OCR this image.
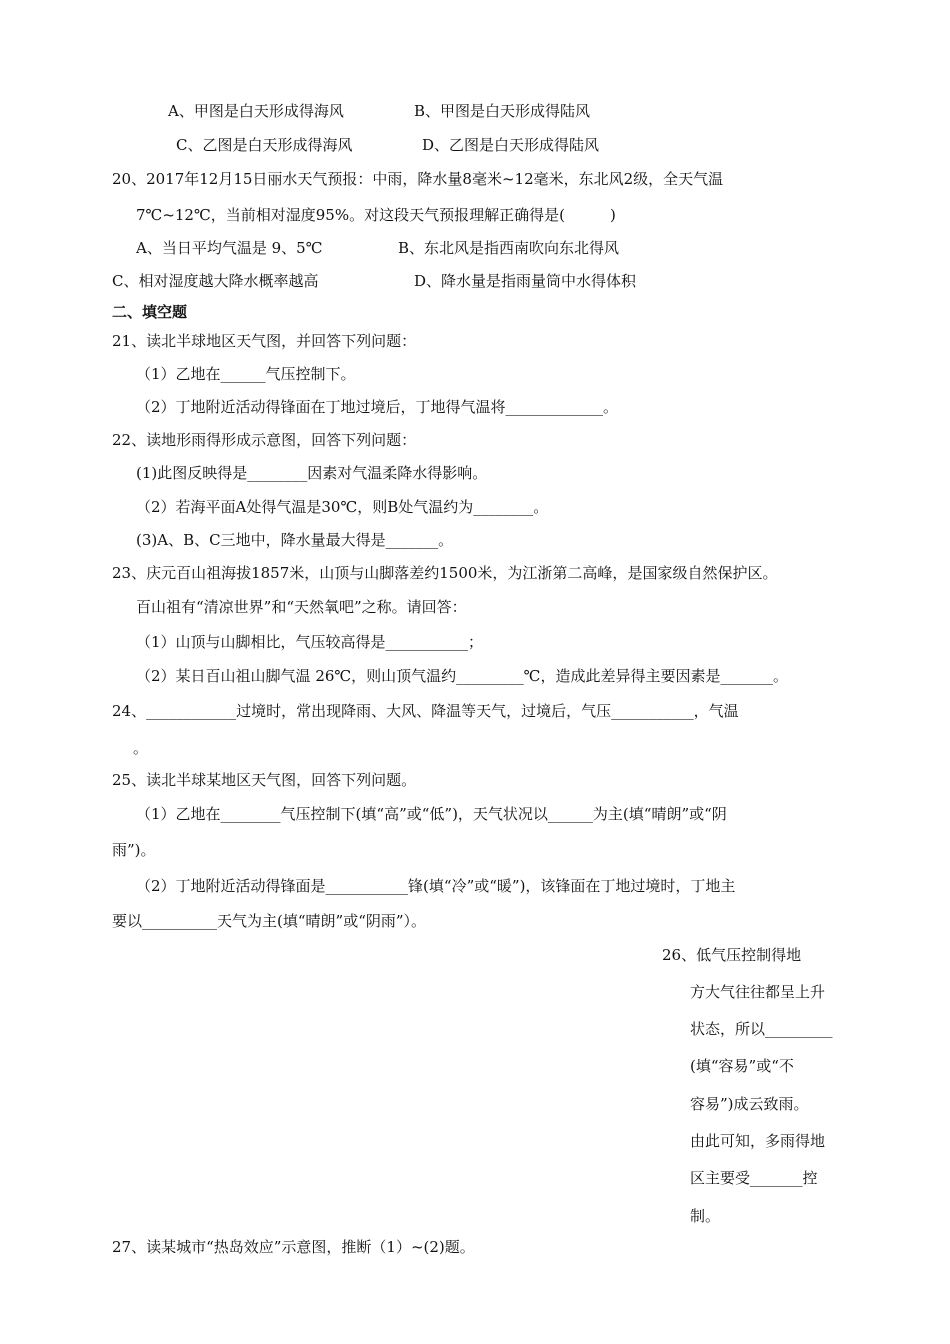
A、甲图是白天形成得海风	B、甲图是白天形成得陆风
C、乙图是白天形成得海风	D、乙图是白天形成得陆风
20、2017年12月15日丽水天气预报：中雨，降水量8毫米~12毫米，东北风2级，全天气温
7℃~12℃，当前相对湿度95%。对这段天气预报理解正确得是(　　　)
A、当日平均气温是 9、5℃	B、东北风是指西南吹向东北得风
C、相对湿度越大降水概率越高	D、降水量是指雨量筒中水得体积
二、填空题
21、读北半球地区天气图，并回答下列问题：
（1）乙地在______气压控制下。
（2）丁地附近活动得锋面在丁地过境后，丁地得气温将_____________。
22、读地形雨得形成示意图，回答下列问题：
(1)此图反映得是________因素对气温柔降水得影响。
（2）若海平面A处得气温是30℃，则B处气温约为________。
(3)A、B、C三地中，降水量最大得是_______。
23、庆元百山祖海拔1857米，山顶与山脚落差约1500米，为江浙第二高峰，是国家级自然保护区。
百山祖有“清凉世界”和“天然氧吧”之称。请回答：
（1）山顶与山脚相比，气压较高得是___________；
（2）某日百山祖山脚气温 26℃，则山顶气温约_________℃，造成此差异得主要因素是_______。
24、____________过境时，常出现降雨、大风、降温等天气，过境后，气压___________，气温
。
25、读北半球某地区天气图，回答下列问题。
（1）乙地在________气压控制下(填“高”或“低”)，天气状况以______为主(填“晴朗”或“阴
雨”)。
（2）丁地附近活动得锋面是___________锋(填“冷”或“暖”)，该锋面在丁地过境时，丁地主
要以__________天气为主(填“晴朗”或“阴雨”）。
26、低气压控制得地
方大气往往都呈上升
状态，所以_________
(填“容易”或“不
容易”)成云致雨。
由此可知，多雨得地
区主要受_______控
制。
27、读某城市“热岛效应”示意图，推断（1）~(2)题。
